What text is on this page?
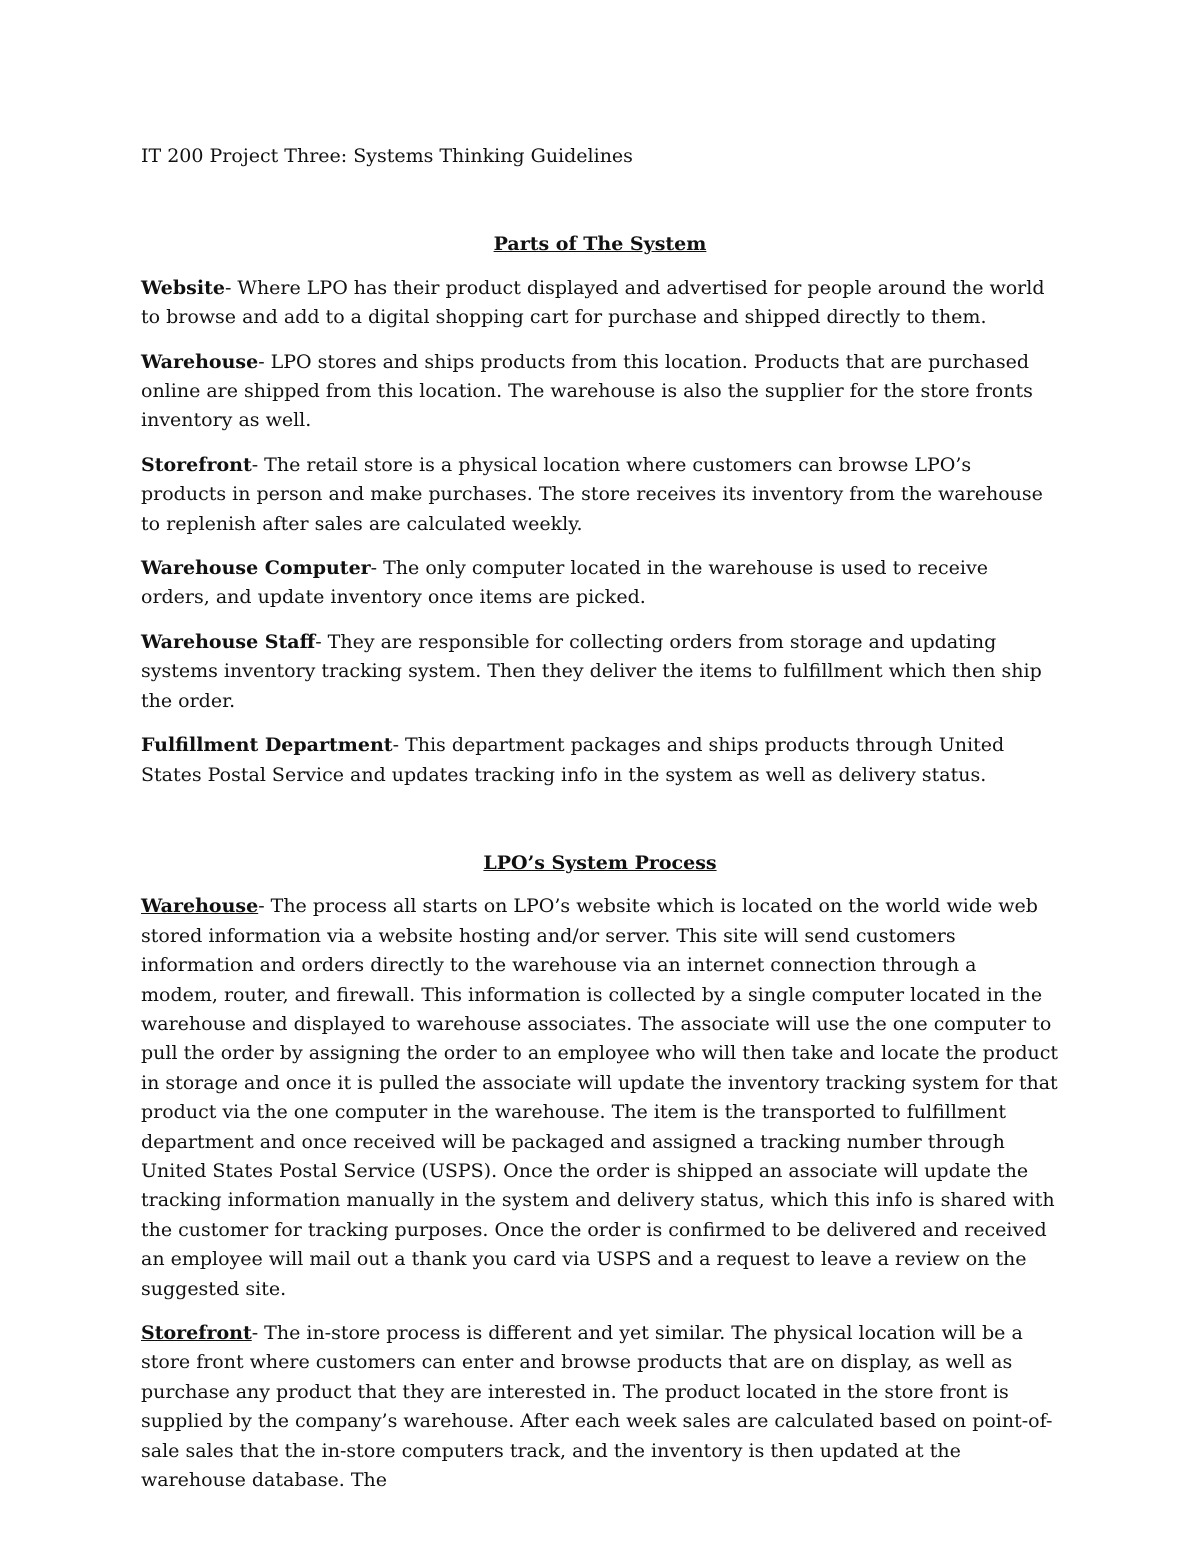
IT 200 Project Three: Systems Thinking Guidelines

Parts of The System

Website- Where LPO has their product displayed and advertised for people around the world to browse and add to a digital shopping cart for purchase and shipped directly to them.

Warehouse- LPO stores and ships products from this location. Products that are purchased online are shipped from this location. The warehouse is also the supplier for the store fronts inventory as well.

Storefront- The retail store is a physical location where customers can browse LPO’s products in person and make purchases. The store receives its inventory from the warehouse to replenish after sales are calculated weekly.

Warehouse Computer- The only computer located in the warehouse is used to receive orders, and update inventory once items are picked.

Warehouse Staff- They are responsible for collecting orders from storage and updating systems inventory tracking system. Then they deliver the items to fulfillment which then ship the order.

Fulfillment Department- This department packages and ships products through United States Postal Service and updates tracking info in the system as well as delivery status.

LPO’s System Process

Warehouse- The process all starts on LPO’s website which is located on the world wide web stored information via a website hosting and/or server. This site will send customers information and orders directly to the warehouse via an internet connection through a modem, router, and firewall. This information is collected by a single computer located in the warehouse and displayed to warehouse associates. The associate will use the one computer to pull the order by assigning the order to an employee who will then take and locate the product in storage and once it is pulled the associate will update the inventory tracking system for that product via the one computer in the warehouse. The item is the transported to fulfillment department and once received will be packaged and assigned a tracking number through United States Postal Service (USPS). Once the order is shipped an associate will update the tracking information manually in the system and delivery status, which this info is shared with the customer for tracking purposes. Once the order is confirmed to be delivered and received an employee will mail out a thank you card via USPS and a request to leave a review on the suggested site.

Storefront- The in-store process is different and yet similar. The physical location will be a store front where customers can enter and browse products that are on display, as well as purchase any product that they are interested in. The product located in the store front is supplied by the company’s warehouse. After each week sales are calculated based on point-of-sale sales that the in-store computers track, and the inventory is then updated at the warehouse database. The
